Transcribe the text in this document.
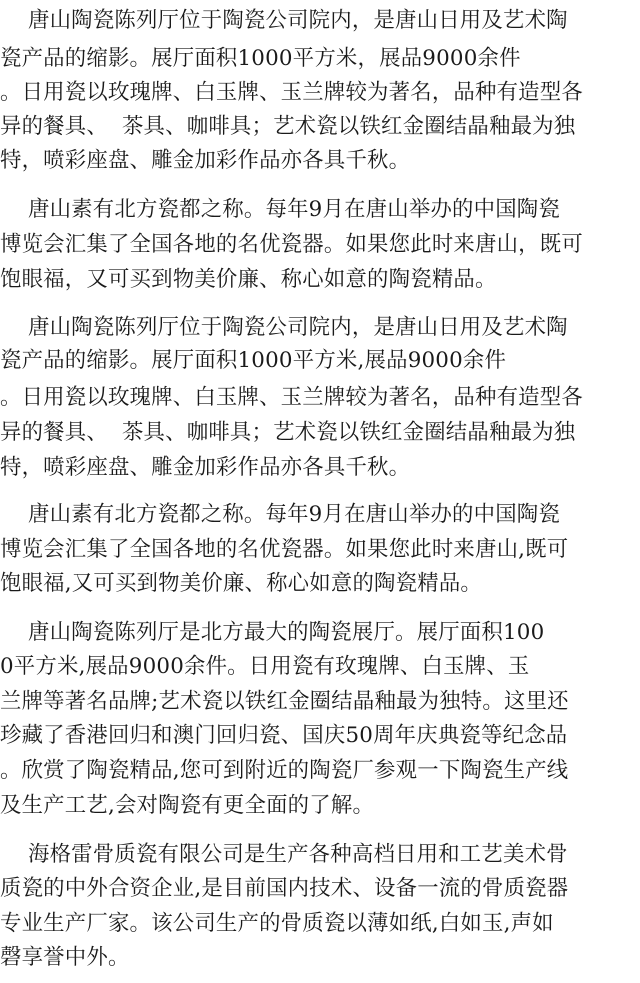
唐山陶瓷陈列厅位于陶瓷公司院内，是唐山日用及艺术陶
瓷产品的缩影。展厅面积1000平方米，展品9000余件
。日用瓷以玫瑰牌、白玉牌、玉兰牌较为著名，品种有造型各
异的餐具、  茶具、咖啡具；艺术瓷以铁红金圈结晶釉最为独
特，喷彩座盘、雕金加彩作品亦各具千秋。
唐山素有北方瓷都之称。每年9月在唐山举办的中国陶瓷
博览会汇集了全国各地的名优瓷器。如果您此时来唐山，既可
饱眼福，又可买到物美价廉、称心如意的陶瓷精品。
唐山陶瓷陈列厅位于陶瓷公司院内，是唐山日用及艺术陶
瓷产品的缩影。展厅面积1000平方米,展品9000余件
。日用瓷以玫瑰牌、白玉牌、玉兰牌较为著名，品种有造型各
异的餐具、  茶具、咖啡具；艺术瓷以铁红金圈结晶釉最为独
特，喷彩座盘、雕金加彩作品亦各具千秋。
唐山素有北方瓷都之称。每年9月在唐山举办的中国陶瓷
博览会汇集了全国各地的名优瓷器。如果您此时来唐山,既可
饱眼福,又可买到物美价廉、称心如意的陶瓷精品。
唐山陶瓷陈列厅是北方最大的陶瓷展厅。展厅面积100
0平方米,展品9000余件。日用瓷有玫瑰牌、白玉牌、玉
兰牌等著名品牌;艺术瓷以铁红金圈结晶釉最为独特。这里还
珍藏了香港回归和澳门回归瓷、国庆50周年庆典瓷等纪念品
。欣赏了陶瓷精品,您可到附近的陶瓷厂参观一下陶瓷生产线
及生产工艺,会对陶瓷有更全面的了解。
海格雷骨质瓷有限公司是生产各种高档日用和工艺美术骨
质瓷的中外合资企业,是目前国内技术、设备一流的骨质瓷器
专业生产厂家。该公司生产的骨质瓷以薄如纸,白如玉,声如
磬享誉中外。
